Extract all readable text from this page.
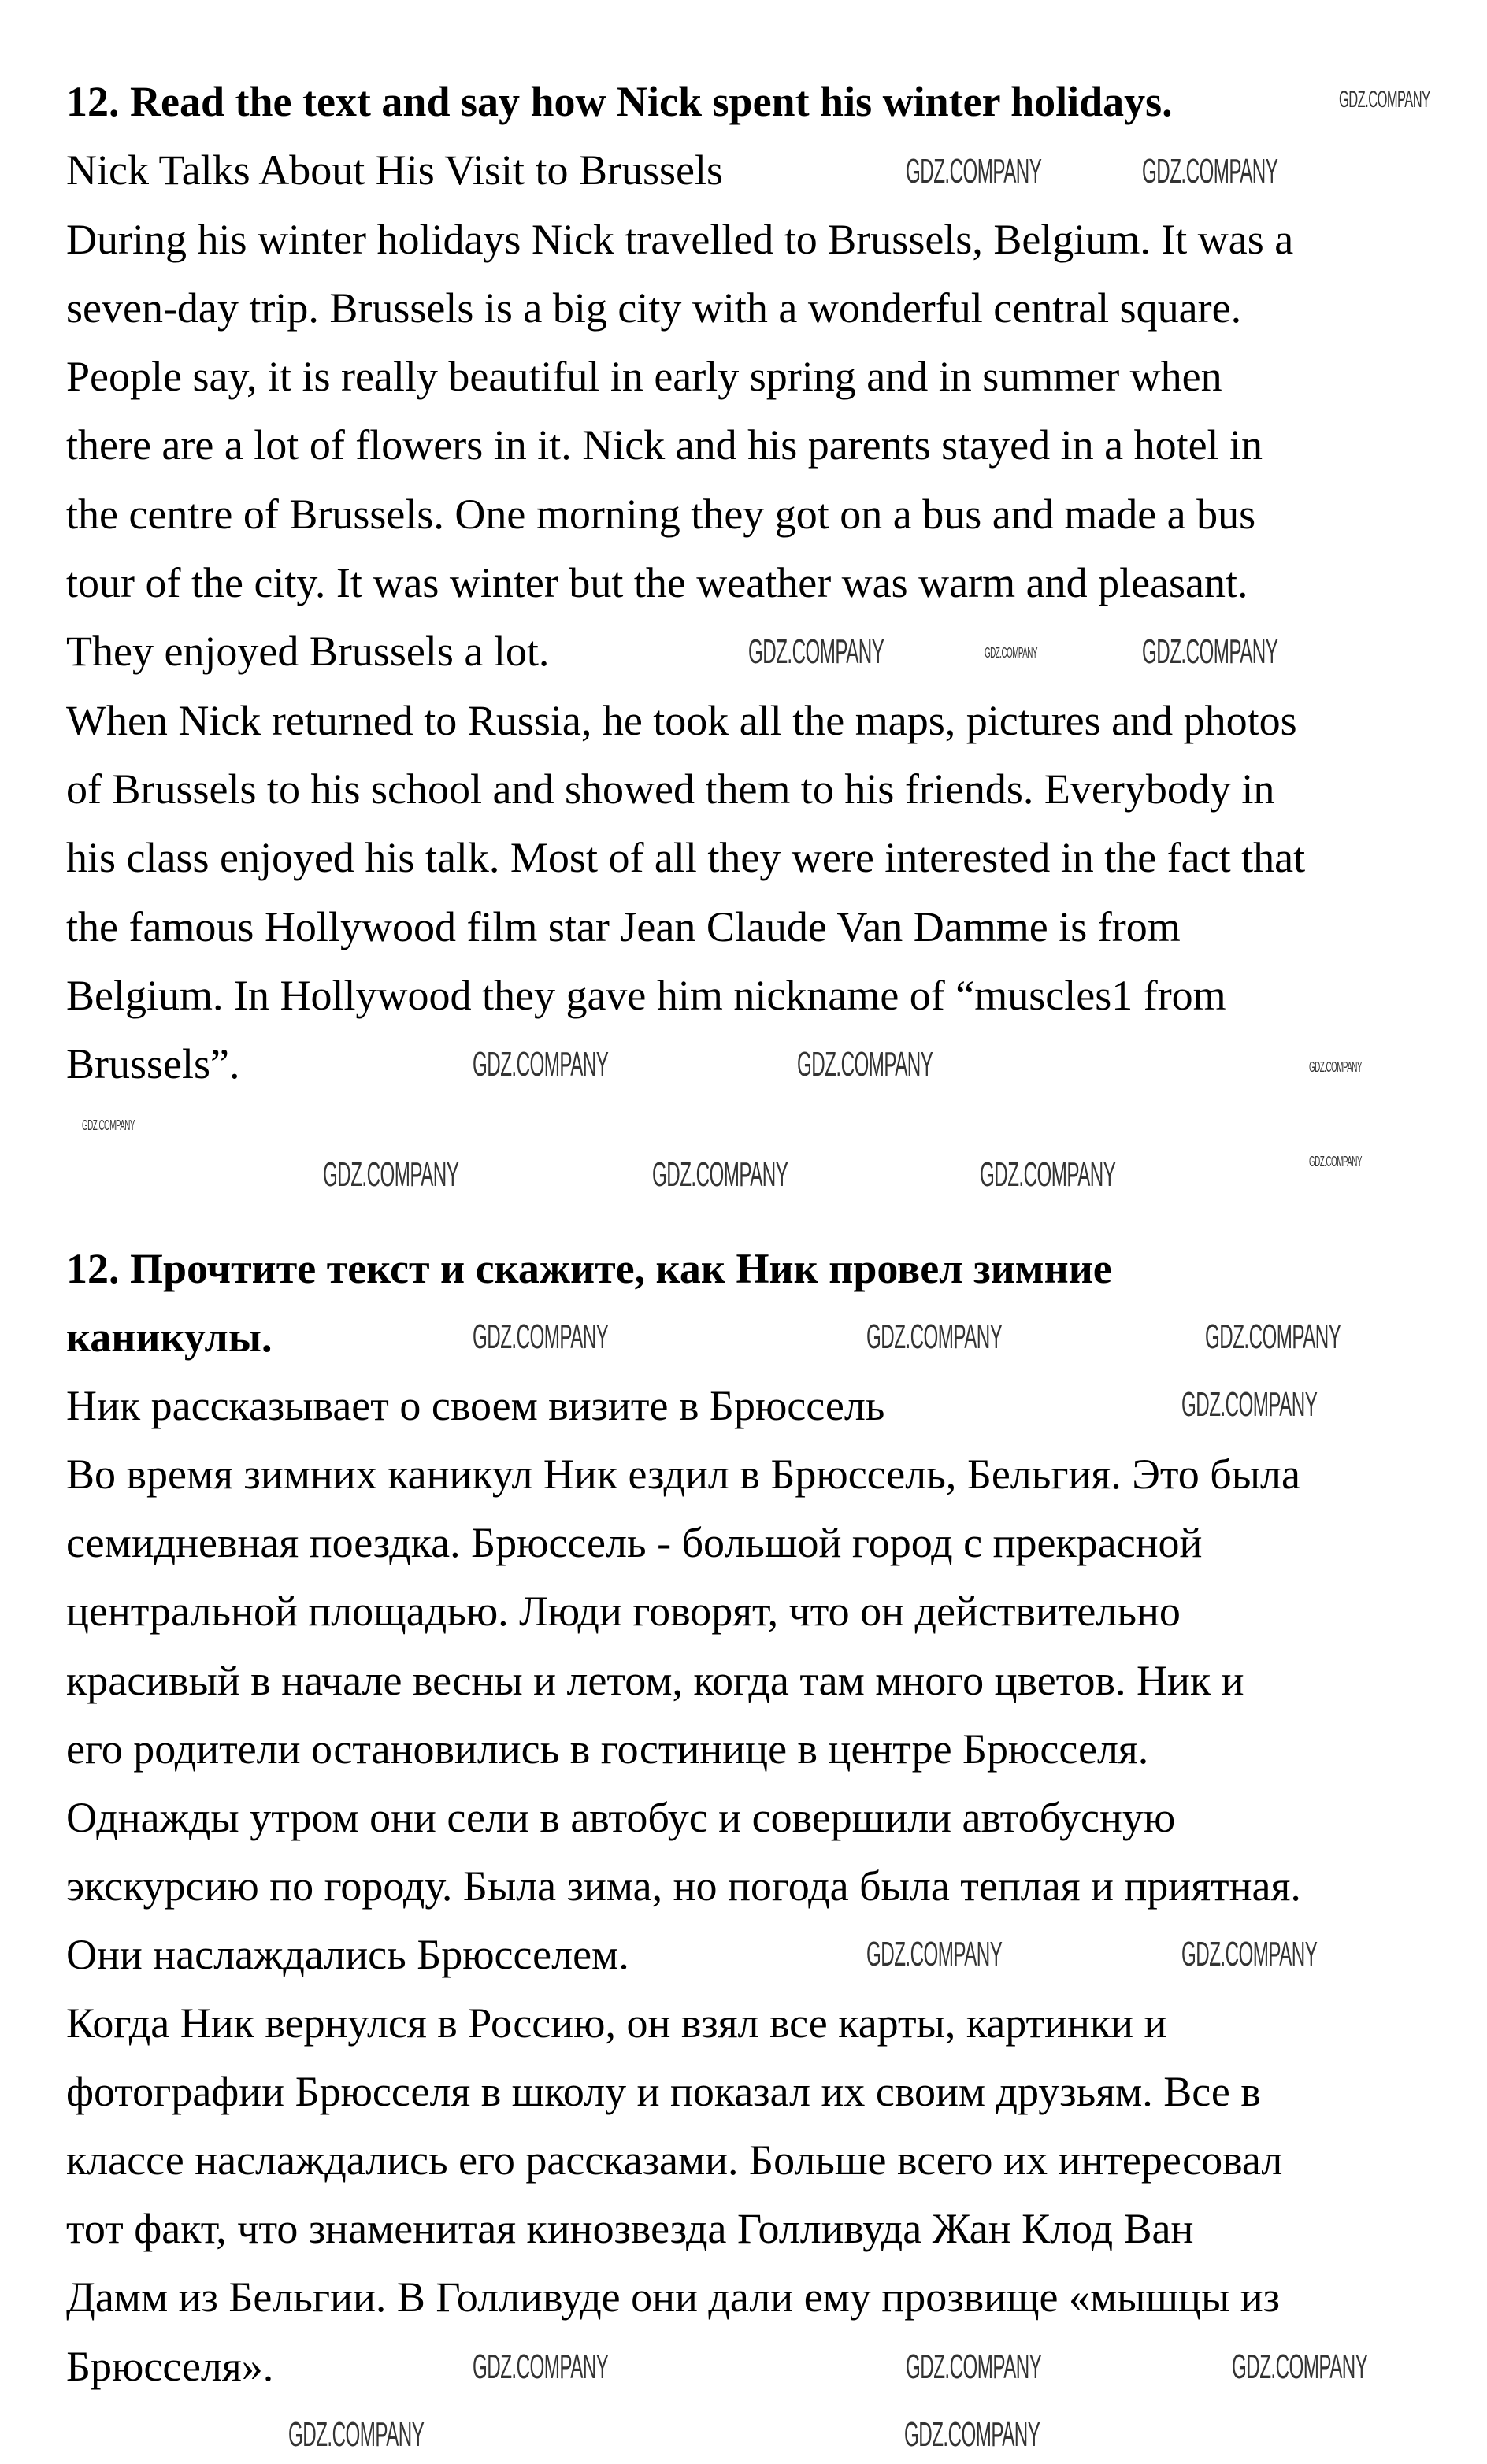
12. Read the text and say how Nick spent his winter holidays.
Nick Talks About His Visit to Brussels
During his winter holidays Nick travelled to Brussels, Belgium. It was a
seven-day trip. Brussels is a big city with a wonderful central square.
People say, it is really beautiful in early spring and in summer when
there are a lot of flowers in it. Nick and his parents stayed in a hotel in
the centre of Brussels. One morning they got on a bus and made a bus
tour of the city. It was winter but the weather was warm and pleasant.
They enjoyed Brussels a lot.
When Nick returned to Russia, he took all the maps, pictures and photos
of Brussels to his school and showed them to his friends. Everybody in
his class enjoyed his talk. Most of all they were interested in the fact that
the famous Hollywood film star Jean Claude Van Damme is from
Belgium. In Hollywood they gave him nickname of “muscles1 from
Brussels”.
12. Прочтите текст и скажите, как Ник провел зимние
каникулы.
Ник рассказывает о своем визите в Брюссель
Во время зимних каникул Ник ездил в Брюссель, Бельгия. Это была
семидневная поездка. Брюссель - большой город с прекрасной
центральной площадью. Люди говорят, что он действительно
красивый в начале весны и летом, когда там много цветов. Ник и
его родители остановились в гостинице в центре Брюсселя.
Однажды утром они сели в автобус и совершили автобусную
экскурсию по городу. Была зима, но погода была теплая и приятная.
Они наслаждались Брюсселем.
Когда Ник вернулся в Россию, он взял все карты, картинки и
фотографии Брюсселя в школу и показал их своим друзьям. Все в
классе наслаждались его рассказами. Больше всего их интересовал
тот факт, что знаменитая кинозвезда Голливуда Жан Клод Ван
Дамм из Бельгии. В Голливуде они дали ему прозвище «мышцы из
Брюсселя».
GDZ.COMPANY
GDZ.COMPANY	GDZ.COMPANY
GDZ.COMPANY	GDZ.COMPANY	GDZ.COMPANY
GDZ.COMPANY	GDZ.COMPANY	GDZ.COMPANY
GDZ.COMPANY
GDZ.COMPANY
GDZ.COMPANY	GDZ.COMPANY	GDZ.COMPANY
GDZ.COMPANY	GDZ.COMPANY	GDZ.COMPANY
GDZ.COMPANY
GDZ.COMPANY	GDZ.COMPANY
GDZ.COMPANY	GDZ.COMPANY	GDZ.COMPANY
GDZ.COMPANY	GDZ.COMPANY
